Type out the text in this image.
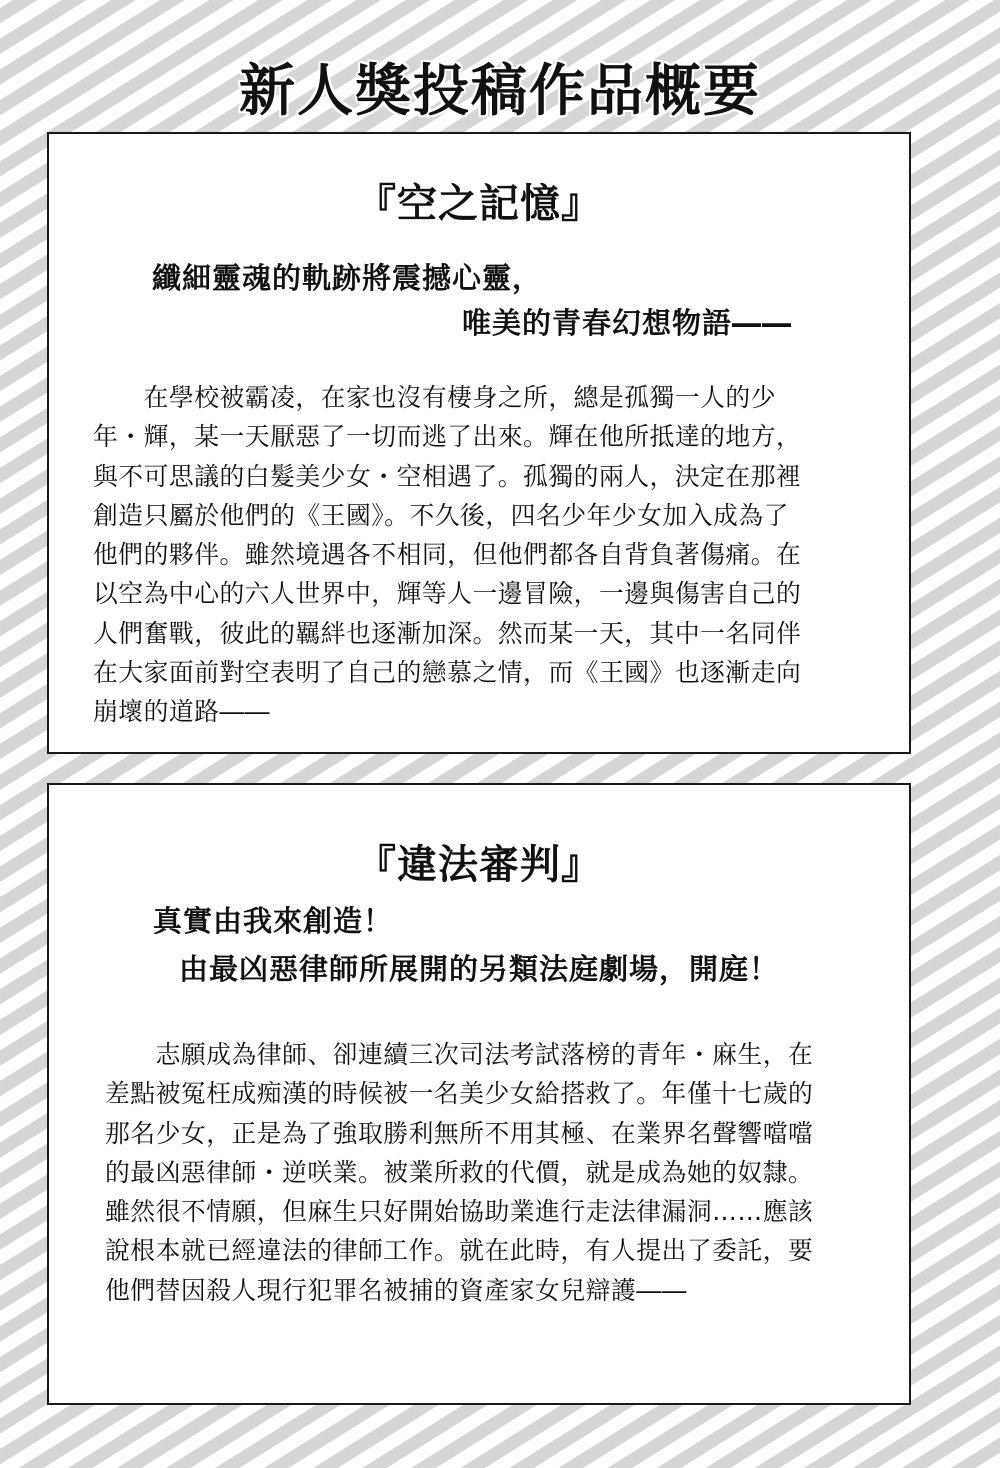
新人獎投稿作品概要
『空之記憶』
纖細靈魂的軌跡將震撼心靈，
唯美的青春幻想物語――

　　在學校被霸凌，在家也沒有棲身之所，總是孤獨一人的少
年・輝，某一天厭惡了一切而逃了出來。輝在他所抵達的地方，
與不可思議的白髮美少女・空相遇了。孤獨的兩人，決定在那裡
創造只屬於他們的《王國》。不久後，四名少年少女加入成為了
他們的夥伴。雖然境遇各不相同，但他們都各自背負著傷痛。在
以空為中心的六人世界中，輝等人一邊冒險，一邊與傷害自己的
人們奮戰，彼此的羈絆也逐漸加深。然而某一天，其中一名同伴
在大家面前對空表明了自己的戀慕之情，而《王國》也逐漸走向
崩壞的道路――

『違法審判』
真實由我來創造！
由最凶惡律師所展開的另類法庭劇場，開庭！

　　志願成為律師、卻連續三次司法考試落榜的青年・麻生，在
差點被冤枉成痴漢的時候被一名美少女給搭救了。年僅十七歲的
那名少女，正是為了強取勝利無所不用其極、在業界名聲響噹噹
的最凶惡律師・逆咲業。被業所救的代價，就是成為她的奴隸。
雖然很不情願，但麻生只好開始協助業進行走法律漏洞……應該
說根本就已經違法的律師工作。就在此時，有人提出了委託，要
他們替因殺人現行犯罪名被捕的資產家女兒辯護――
